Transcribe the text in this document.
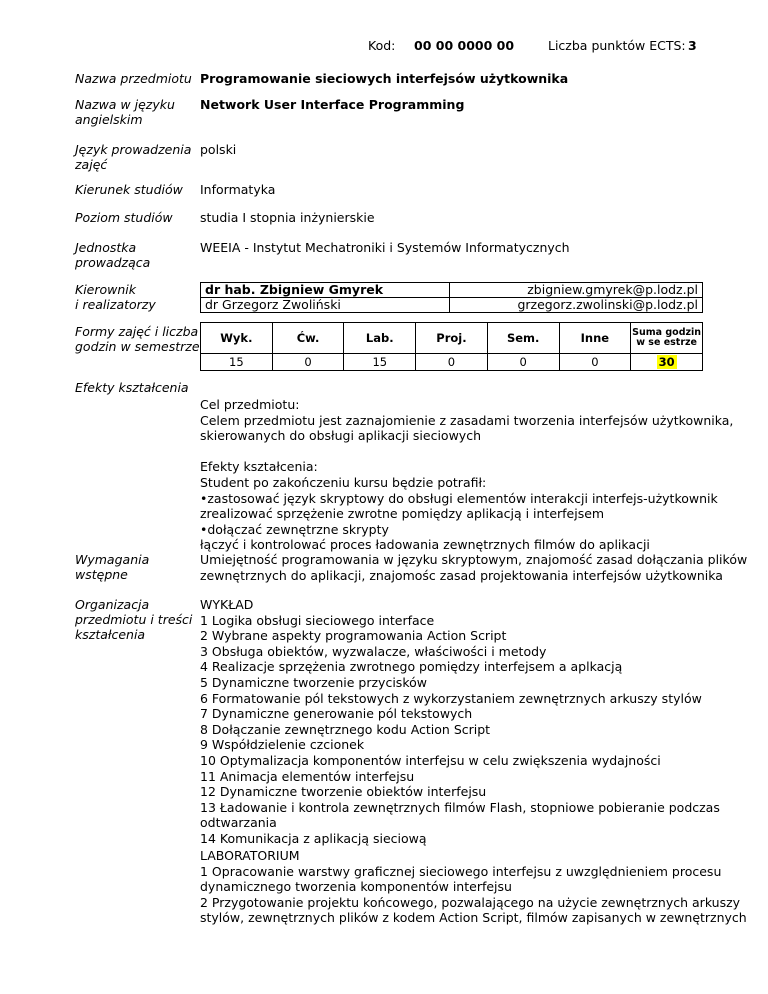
Kod: 00 00 0000 00	Liczba punktów ECTS: 3
Nazwa przedmiotu Programowanie sieciowych interfejsów użytkownika
Nazwa w języku
angielskim
Network User Interface Programming
Język prowadzenia
zajęć
polski
Kierunek studiów Informatyka
Poziom studiów studia I stopnia inżynierskie
Jednostka
prowadząca
WEEIA - Instytut Mechatroniki i Systemów Informatycznych
Kierownik
i realizatorzy
dr hab. Zbigniew Gmyrek	zbigniew.gmyrek@p.lodz.pl
dr Grzegorz Zwoliński	grzegorz.zwolinski@p.lodz.pl
Formy zajęć i liczba
godzin w semestrze
Wyk.	Ćw.	Lab.	Proj.	Sem.	Inne	Suma godzin
w se estrze

15	0	15	0	0	0	30
Efekty kształcenia
Cel przedmiotu:
Celem przedmiotu jest zaznajomienie z zasadami tworzenia interfejsów użytkownika,
skierowanych do obsługi aplikacji sieciowych
Efekty kształcenia:
Student po zakończeniu kursu będzie potrafił:
•zastosować język skryptowy do obsługi elementów interakcji interfejs-użytkownik
zrealizować sprzężenie zwrotne pomiędzy aplikacją i interfejsem
•dołączać zewnętrzne skrypty
łączyć i kontrolować proces ładowania zewnętrznych filmów do aplikacji
Wymagania
wstępne
Umiejętność programowania w języku skryptowym, znajomość zasad dołączania plików
zewnętrznych do aplikacji, znajomośc zasad projektowania interfejsów użytkownika
Organizacja
przedmiotu i treści
kształcenia
WYKŁAD
1 Logika obsługi sieciowego interface
2 Wybrane aspekty programowania Action Script
3 Obsługa obiektów, wyzwalacze, właściwości i metody
4 Realizacje sprzężenia zwrotnego pomiędzy interfejsem a aplkacją
5 Dynamiczne tworzenie przycisków
6 Formatowanie pól tekstowych z wykorzystaniem zewnętrznych arkuszy stylów
7 Dynamiczne generowanie pól tekstowych
8 Dołączanie zewnętrznego kodu Action Script
9 Współdzielenie czcionek
10 Optymalizacja komponentów interfejsu w celu zwiększenia wydajności
11 Animacja elementów interfejsu
12 Dynamiczne tworzenie obiektów interfejsu
13 Ładowanie i kontrola zewnętrznych filmów Flash, stopniowe pobieranie podczas
odtwarzania
14 Komunikacja z aplikacją sieciową
LABORATORIUM
1 Opracowanie warstwy graficznej sieciowego interfejsu z uwzględnieniem procesu
dynamicznego tworzenia komponentów interfejsu
2 Przygotowanie projektu końcowego, pozwalającego na użycie zewnętrznych arkuszy
stylów, zewnętrznych plików z kodem Action Script, filmów zapisanych w zewnętrznych
